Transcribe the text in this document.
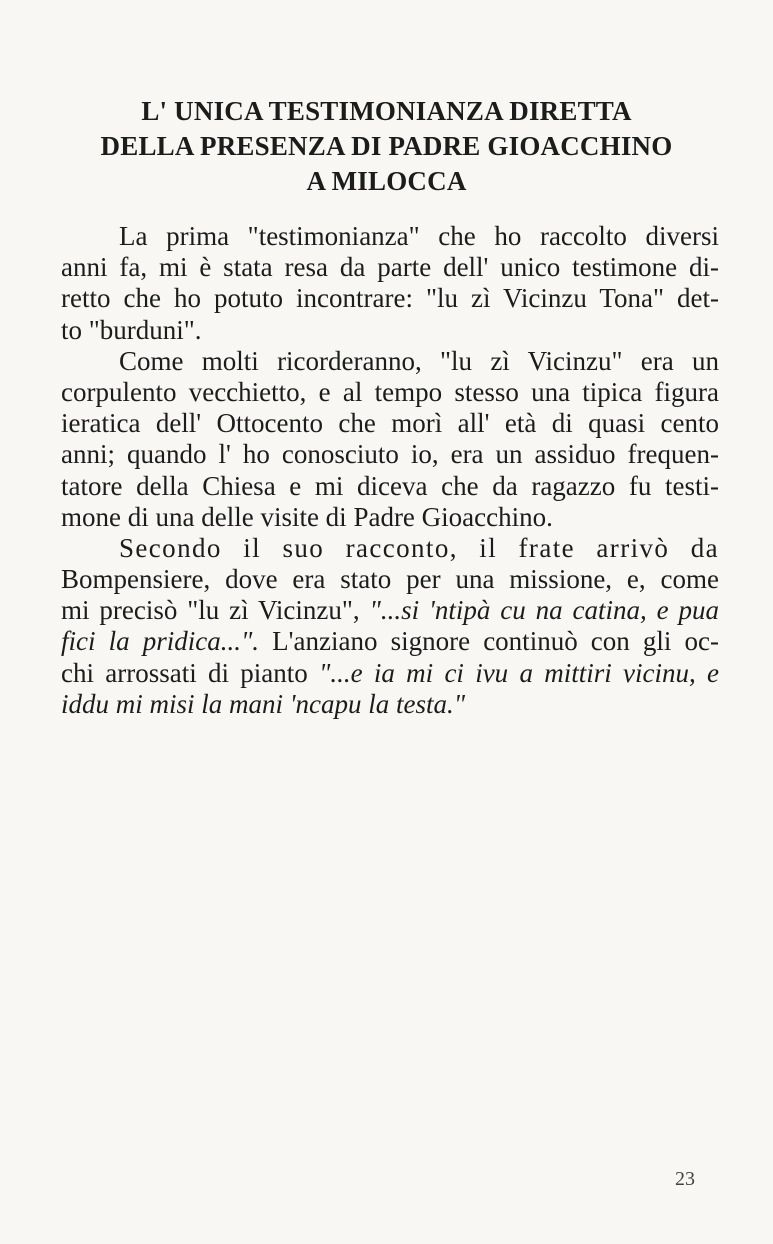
L' UNICA TESTIMONIANZA DIRETTA
DELLA PRESENZA DI PADRE GIOACCHINO
A MILOCCA
La prima "testimonianza" che ho raccolto diversi
anni fa, mi è stata resa da parte dell' unico testimone di-
retto che ho potuto incontrare: "lu zì Vicinzu Tona" det-
to "burduni".
Come molti ricorderanno, "lu zì Vicinzu" era un
corpulento vecchietto, e al tempo stesso una tipica figura
ieratica dell' Ottocento che morì all' età di quasi cento
anni; quando l' ho conosciuto io, era un assiduo frequen-
tatore della Chiesa e mi diceva che da ragazzo fu testi-
mone di una delle visite di Padre Gioacchino.
Secondo il suo racconto, il frate arrivò da
Bompensiere, dove era stato per una missione, e, come
mi precisò "lu zì Vicinzu", "...si 'ntipà cu na catina, e pua
fici la pridica...". L'anziano signore continuò con gli oc-
chi arrossati di pianto "...e ia mi ci ivu a mittiri vicinu, e
iddu mi misi la mani 'ncapu la testa."
23
